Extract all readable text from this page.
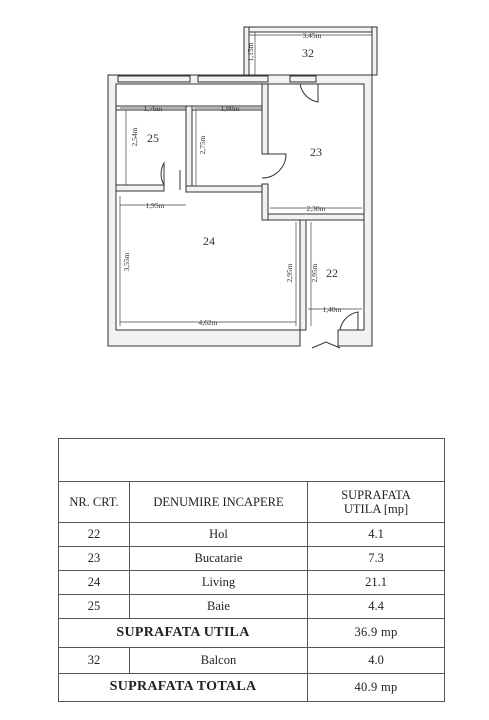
32
25
23
24
22
3,45m
1,15m
1,76m
2,54m
1,80m
2,75m
1,95m
3,55m
4,62m
2,30m
2,95m 2,95m
1,40m

NR. CRT.	DENUMIRE INCAPERE	SUPRAFATA
UTILA [mp]
22	Hol	4.1
23	Bucatarie	7.3
24	Living	21.1
25	Baie	4.4
SUPRAFATA UTILA		36.9 mp
32	Balcon	4.0
SUPRAFATA TOTALA		40.9 mp
